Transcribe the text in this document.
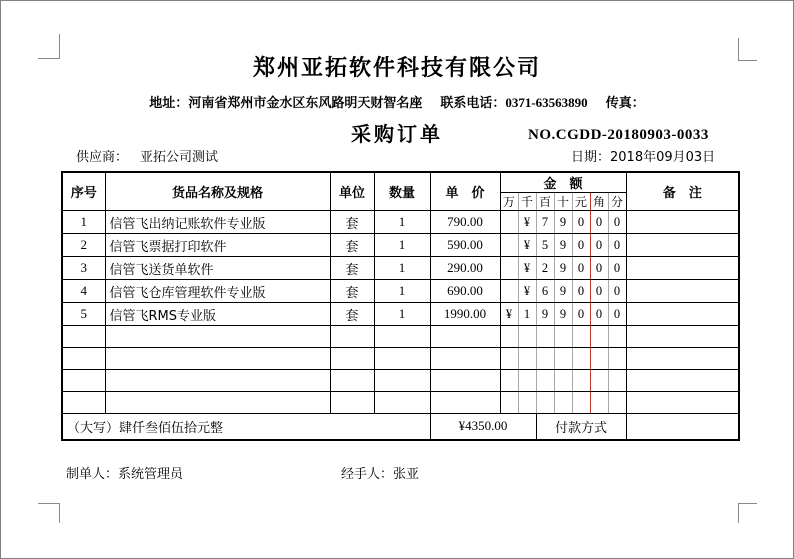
郑州亚拓软件科技有限公司
地址：河南省郑州市金水区东风路明天财智名座 联系电话：0371-63563890 传真：
采购订单	NO.CGDD-20180903-0033
供应商： 亚拓公司测试	日期：2018年09月03日
序号	货品名称及规格	单位	数量	单　价	金　额							备　注
					万	千	百	十	元	角	分	
1	信管飞出纳记账软件专业版	套	1	790.00		¥	7	9	0	0	0	
2	信管飞票据打印软件	套	1	590.00		¥	5	9	0	0	0	
3	信管飞送货单软件	套	1	290.00		¥	2	9	0	0	0	
4	信管飞仓库管理软件专业版	套	1	690.00		¥	6	9	0	0	0	
5	信管飞RMS专业版	套	1	1990.00	¥	1	9	9	0	0	0	

（大写）肆仟叁佰伍拾元整				¥4350.00			付款方式					
制单人：系统管理员	经手人：张亚
